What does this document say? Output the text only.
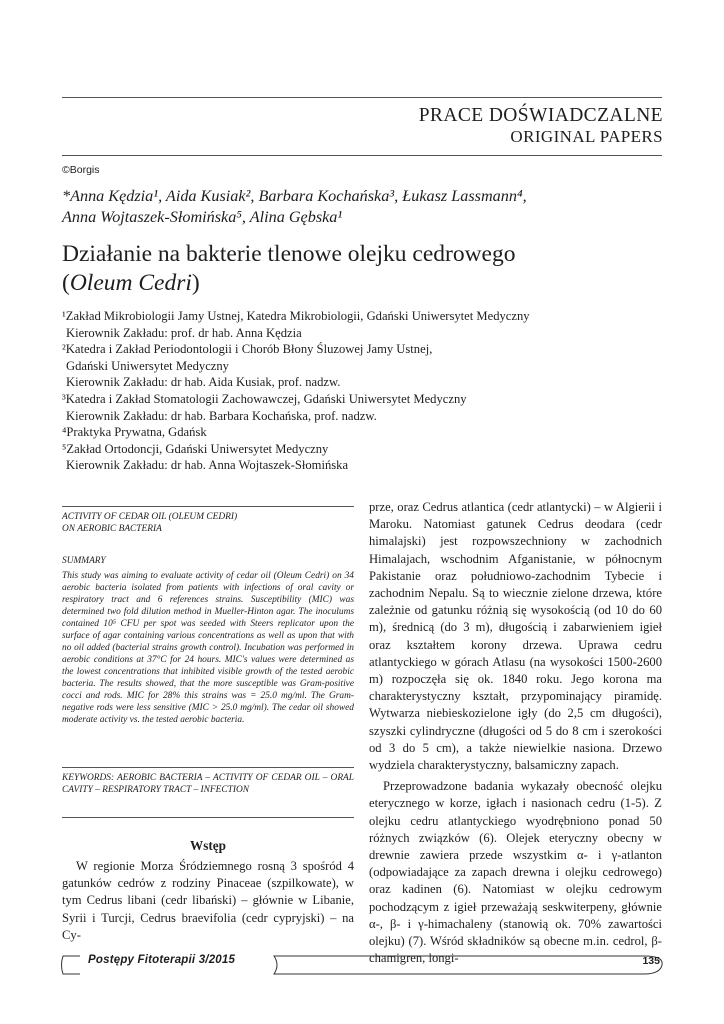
PRACE DOŚWIADCZALNE
ORIGINAL PAPERS
©Borgis

*Anna Kędzia¹, Aida Kusiak², Barbara Kochańska³, Łukasz Lassmann⁴,

Anna Wojtaszek-Słomińska⁵, Alina Gębska¹

Działanie na bakterie tlenowe olejku cedrowego

(Oleum Cedri)

¹Zakład Mikrobiologii Jamy Ustnej, Katedra Mikrobiologii, Gdański Uniwersytet Medyczny
Kierownik Zakładu: prof. dr hab. Anna Kędzia
²Katedra i Zakład Periodontologii i Chorób Błony Śluzowej Jamy Ustnej,
Gdański Uniwersytet Medyczny
Kierownik Zakładu: dr hab. Aida Kusiak, prof. nadzw.
³Katedra i Zakład Stomatologii Zachowawczej, Gdański Uniwersytet Medyczny
Kierownik Zakładu: dr hab. Barbara Kochańska, prof. nadzw.
⁴Praktyka Prywatna, Gdańsk
⁵Zakład Ortodoncji, Gdański Uniwersytet Medyczny
Kierownik Zakładu: dr hab. Anna Wojtaszek-Słomińska

ACTIVITY OF CEDAR OIL (OLEUM CEDRI)

ON AEROBIC BACTERIA

SUMMARY

This study was aiming to evaluate activity of cedar oil (Oleum Cedri) on 34 aerobic bacteria isolated from patients with infections of oral cavity or respiratory tract and 6 references strains. Susceptibility (MIC) was determined two fold dilution method in Mueller-Hinton agar. The inoculums contained 10⁵ CFU per spot was seeded with Steers replicator upon the surface of agar containing various concentrations as well as upon that with no oil added (bacterial strains growth control). Incubation was performed in aerobic conditions at 37°C for 24 hours. MIC's values were determined as the lowest concentrations that inhibited visible growth of the tested aerobic bacteria. The results showed, that the more susceptible was Gram-positive cocci and rods. MIC for 28% this strains was = 25.0 mg/ml. The Gram-negative rods were less sensitive (MIC > 25.0 mg/ml). The cedar oil showed moderate activity vs. the tested aerobic bacteria.

KEYWORDS: AEROBIC BACTERIA – ACTIVITY OF CEDAR OIL – ORAL CAVITY – RESPIRATORY TRACT – INFECTION

Wstęp

W regionie Morza Śródziemnego rosną 3 spośród 4 gatunków cedrów z rodziny Pinaceae (szpilkowate), w tym Cedrus libani (cedr libański) – głównie w Libanie, Syrii i Turcji, Cedrus braevifolia (cedr cypryjski) – na Cy-

prze, oraz Cedrus atlantica (cedr atlantycki) – w Algierii i Maroku. Natomiast gatunek Cedrus deodara (cedr himalajski) jest rozpowszechniony w zachodnich Himalajach, wschodnim Afganistanie, w północnym Pakistanie oraz południowo-zachodnim Tybecie i zachodnim Nepalu. Są to wiecznie zielone drzewa, które zależnie od gatunku różnią się wysokością (od 10 do 60 m), średnicą (do 3 m), długością i zabarwieniem igieł oraz kształtem korony drzewa. Uprawa cedru atlantyckiego w górach Atlasu (na wysokości 1500-2600 m) rozpoczęła się ok. 1840 roku. Jego korona ma charakterystyczny kształt, przypominający piramidę. Wytwarza niebieskozielone igły (do 2,5 cm długości), szyszki cylindryczne (długości od 5 do 8 cm i szerokości od 3 do 5 cm), a także niewielkie nasiona. Drzewo wydziela charakterystyczny, balsamiczny zapach.

Przeprowadzone badania wykazały obecność olejku eterycznego w korze, igłach i nasionach cedru (1-5). Z olejku cedru atlantyckiego wyodrębniono ponad 50 różnych związków (6). Olejek eteryczny obecny w drewnie zawiera przede wszystkim α- i γ-atlanton (odpowiadające za zapach drewna i olejku cedrowego) oraz kadinen (6). Natomiast w olejku cedrowym pochodzącym z igieł przeważają seskwiterpeny, głównie α-, β- i γ-himachaleny (stanowią ok. 70% zawartości olejku) (7). Wśród składników są obecne m.in. cedrol, β-chamigren, longi-

Postępy Fitoterapii 3/2015	135
